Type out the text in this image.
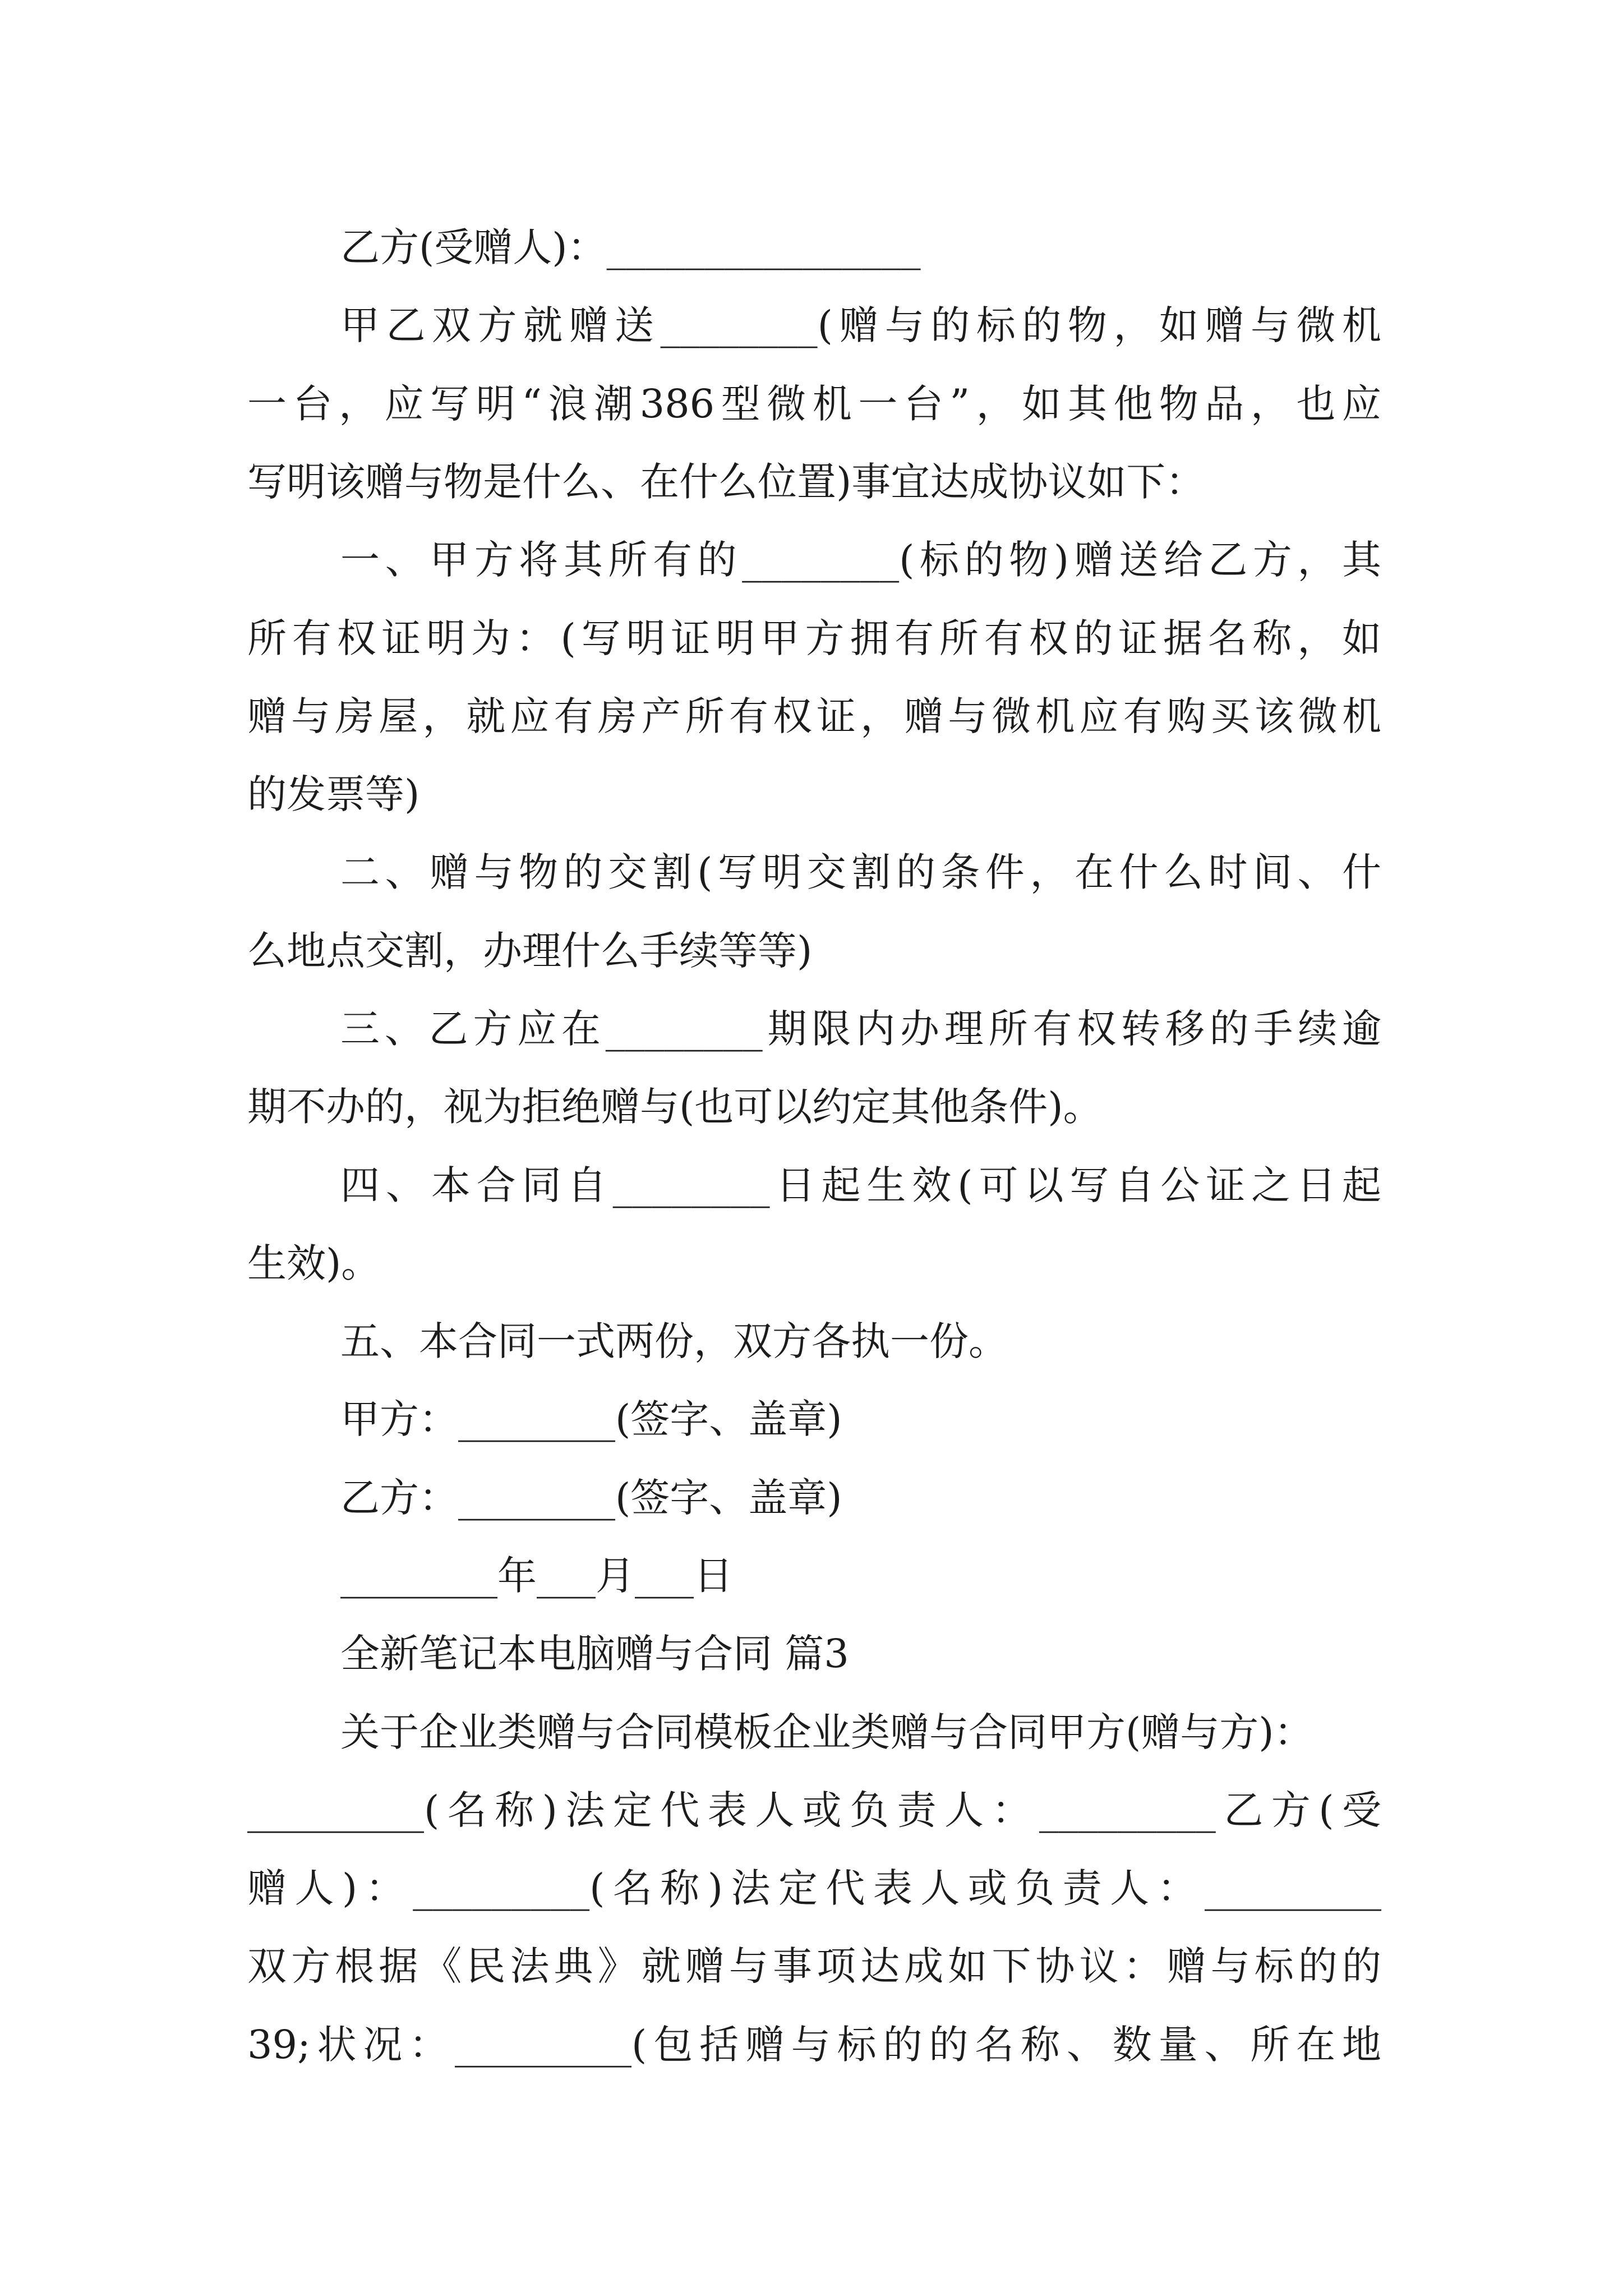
乙方(受赠人)：________________

甲乙双方就赠送________(赠与的标的物，如赠与微机

一台，应写明“浪潮386型微机一台”，如其他物品，也应

写明该赠与物是什么、在什么位置)事宜达成协议如下：

一、甲方将其所有的________(标的物)赠送给乙方，其

所有权证明为：(写明证明甲方拥有所有权的证据名称，如

赠与房屋，就应有房产所有权证，赠与微机应有购买该微机

的发票等)

二、赠与物的交割(写明交割的条件，在什么时间、什

么地点交割，办理什么手续等等)

三、乙方应在________期限内办理所有权转移的手续逾

期不办的，视为拒绝赠与(也可以约定其他条件)。

四、本合同自________日起生效(可以写自公证之日起

生效)。

五、本合同一式两份，双方各执一份。

甲方：________(签字、盖章)

乙方：________(签字、盖章)

________年___月___日

全新笔记本电脑赠与合同 篇3

关于企业类赠与合同模板企业类赠与合同甲方(赠与方)：

_________(名称)法定代表人或负责人：_________乙方(受

赠人)：_________(名称)法定代表人或负责人：_________

双方根据《民法典》就赠与事项达成如下协议：赠与标的的

39;状况：_________(包括赠与标的的名称、数量、所在地
